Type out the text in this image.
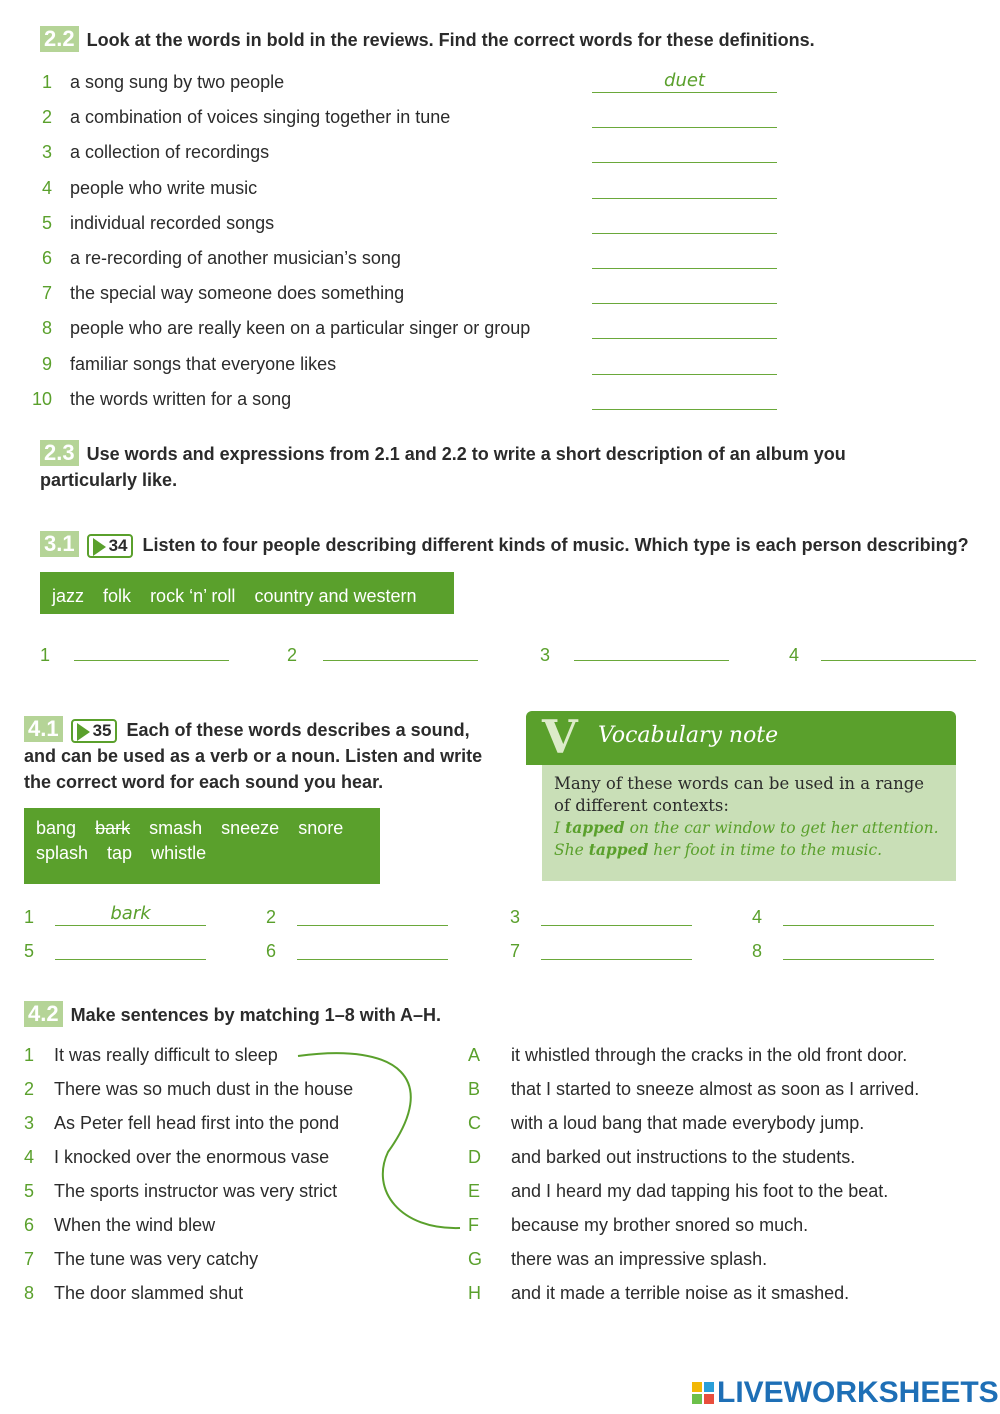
2.2 Look at the words in bold in the reviews. Find the correct words for these definitions.
1 a song sung by two people	duet
2 a combination of voices singing together in tune
3 a collection of recordings
4 people who write music
5 individual recorded songs
6 a re-recording of another musician’s song
7 the special way someone does something
8 people who are really keen on a particular singer or group
9 familiar songs that everyone likes
10 the words written for a song
2.3 Use words and expressions from 2.1 and 2.2 to write a short description of an album you
particularly like.
3.1 34 Listen to four people describing different kinds of music. Which type is each person describing?
jazz folk rock ‘n’ roll country and western
1	2	3	4
4.1 35 Each of these words describes a sound,
and can be used as a verb or a noun. Listen and write
the correct word for each sound you hear.
bang bark smash sneeze snore
splash tap whistle
V Vocabulary note
Many of these words can be used in a range
of different contexts:
I tapped on the car window to get her attention.
She tapped her foot in time to the music.
1	bark	2	3	4
5	6	7	8
4.2 Make sentences by matching 1–8 with A–H.
1 It was really difficult to sleep
2 There was so much dust in the house
3 As Peter fell head first into the pond
4 I knocked over the enormous vase
5 The sports instructor was very strict
6 When the wind blew
7 The tune was very catchy
8 The door slammed shut
A	it whistled through the cracks in the old front door.
B	that I started to sneeze almost as soon as I arrived.
C	with a loud bang that made everybody jump.
D	and barked out instructions to the students.
E	and I heard my dad tapping his foot to the beat.
F	because my brother snored so much.
G	there was an impressive splash.
H	and it made a terrible noise as it smashed.
LIVEWORKSHEETS
